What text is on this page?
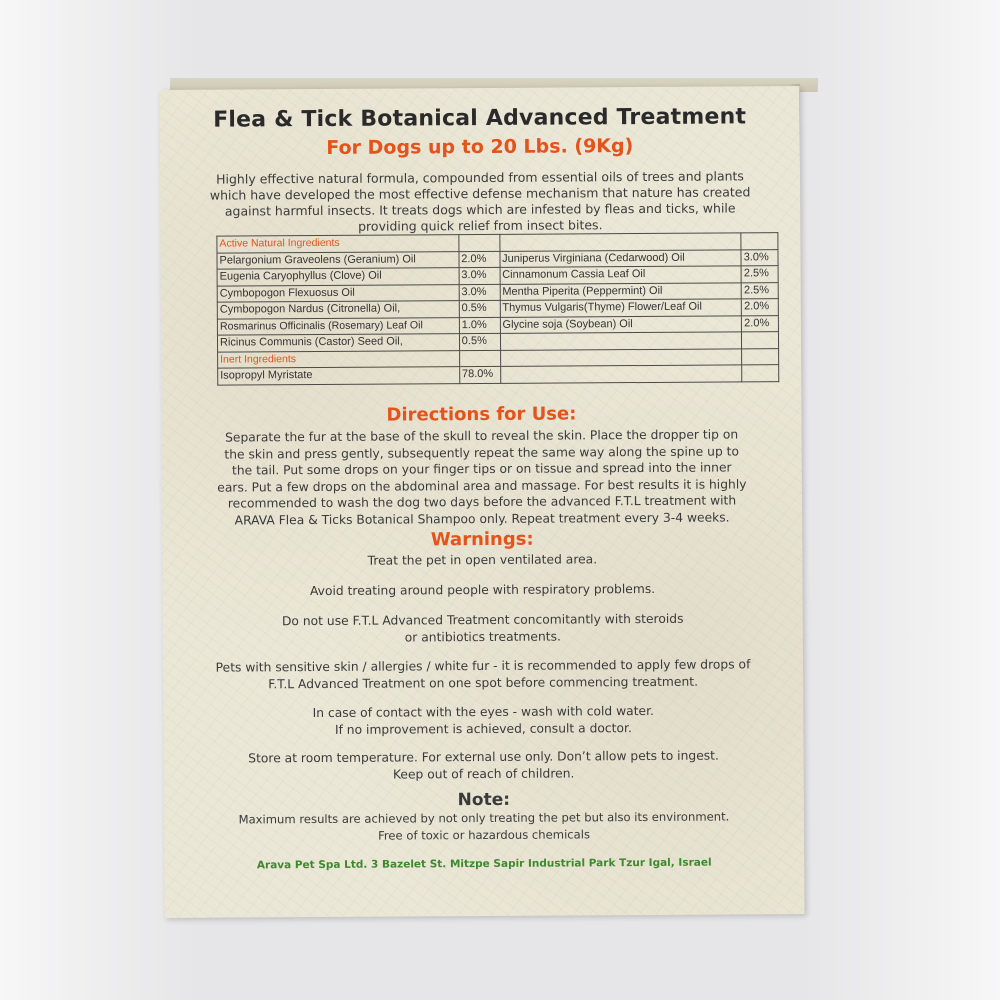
Flea & Tick Botanical Advanced Treatment
For Dogs up to 20 Lbs. (9Kg)
Highly effective natural formula, compounded from essential oils of trees and plants
which have developed the most effective defense mechanism that nature has created
against harmful insects. It treats dogs which are infested by fleas and ticks, while
providing quick relief from insect bites.
Active Natural Ingredients			
Pelargonium Graveolens (Geranium) Oil	2.0%	Juniperus Virginiana (Cedarwood) Oil	3.0%
Eugenia Caryophyllus (Clove) Oil	3.0%	Cinnamonum Cassia Leaf Oil	2.5%
Cymbopogon Flexuosus Oil	3.0%	Mentha Piperita (Peppermint) Oil	2.5%
Cymbopogon Nardus (Citronella) Oil,	0.5%	Thymus Vulgaris(Thyme) Flower/Leaf Oil	2.0%
Rosmarinus Officinalis (Rosemary) Leaf Oil	1.0%	Glycine soja (Soybean) Oil	2.0%
Ricinus Communis (Castor) Seed Oil,	0.5%		
Inert Ingredients			
Isopropyl Myristate	78.0%		
Directions for Use:
Separate the fur at the base of the skull to reveal the skin. Place the dropper tip on
the skin and press gently, subsequently repeat the same way along the spine up to
the tail. Put some drops on your finger tips or on tissue and spread into the inner
ears. Put a few drops on the abdominal area and massage. For best results it is highly
recommended to wash the dog two days before the advanced F.T.L treatment with
ARAVA Flea & Ticks Botanical Shampoo only. Repeat treatment every 3-4 weeks.
Warnings:
Treat the pet in open ventilated area.
Avoid treating around people with respiratory problems.
Do not use F.T.L Advanced Treatment concomitantly with steroids
or antibiotics treatments.
Pets with sensitive skin / allergies / white fur - it is recommended to apply few drops of
F.T.L Advanced Treatment on one spot before commencing treatment.
In case of contact with the eyes - wash with cold water.
If no improvement is achieved, consult a doctor.
Store at room temperature. For external use only. Don’t allow pets to ingest.
Keep out of reach of children.
Note:
Maximum results are achieved by not only treating the pet but also its environment.
Free of toxic or hazardous chemicals
Arava Pet Spa Ltd. 3 Bazelet St. Mitzpe Sapir Industrial Park Tzur Igal, Israel
